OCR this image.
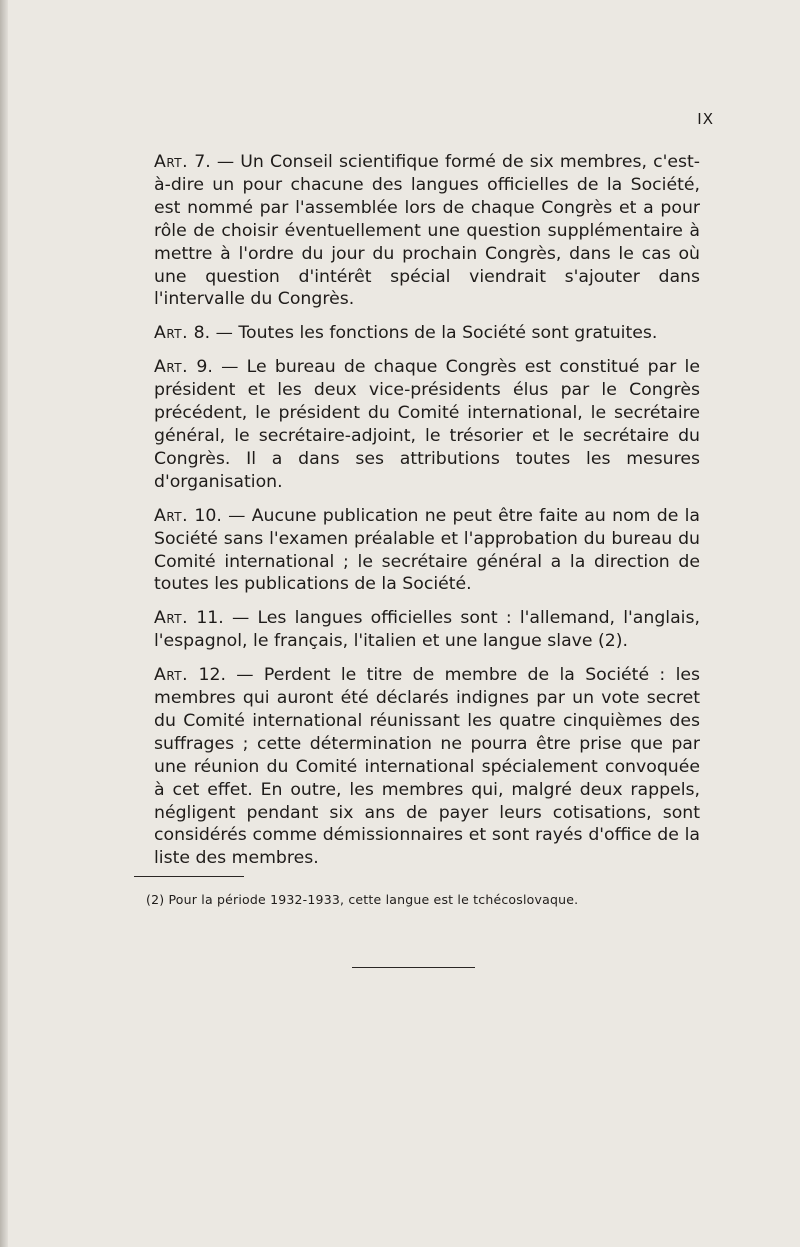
IX

Art. 7. — Un Conseil scientifique formé de six membres, c'est-à-dire un pour chacune des langues officielles de la Société, est nommé par l'assemblée lors de chaque Congrès et a pour rôle de choisir éventuellement une question supplémentaire à mettre à l'ordre du jour du prochain Congrès, dans le cas où une question d'intérêt spécial viendrait s'ajouter dans l'intervalle du Congrès.

Art. 8. — Toutes les fonctions de la Société sont gratuites.

Art. 9. — Le bureau de chaque Congrès est constitué par le président et les deux vice-présidents élus par le Congrès précédent, le président du Comité international, le secrétaire général, le secrétaire-adjoint, le trésorier et le secrétaire du Congrès. Il a dans ses attributions toutes les mesures d'organisation.

Art. 10. — Aucune publication ne peut être faite au nom de la Société sans l'examen préalable et l'approbation du bureau du Comité international ; le secrétaire général a la direction de toutes les publications de la Société.

Art. 11. — Les langues officielles sont : l'allemand, l'anglais, l'espagnol, le français, l'italien et une langue slave (2).

Art. 12. — Perdent le titre de membre de la Société : les membres qui auront été déclarés indignes par un vote secret du Comité international réunissant les quatre cinquièmes des suffrages ; cette détermination ne pourra être prise que par une réunion du Comité international spécialement convoquée à cet effet. En outre, les membres qui, malgré deux rappels, négligent pendant six ans de payer leurs cotisations, sont considérés comme démissionnaires et sont rayés d'office de la liste des membres.

(2) Pour la période 1932-1933, cette langue est le tchécoslovaque.
